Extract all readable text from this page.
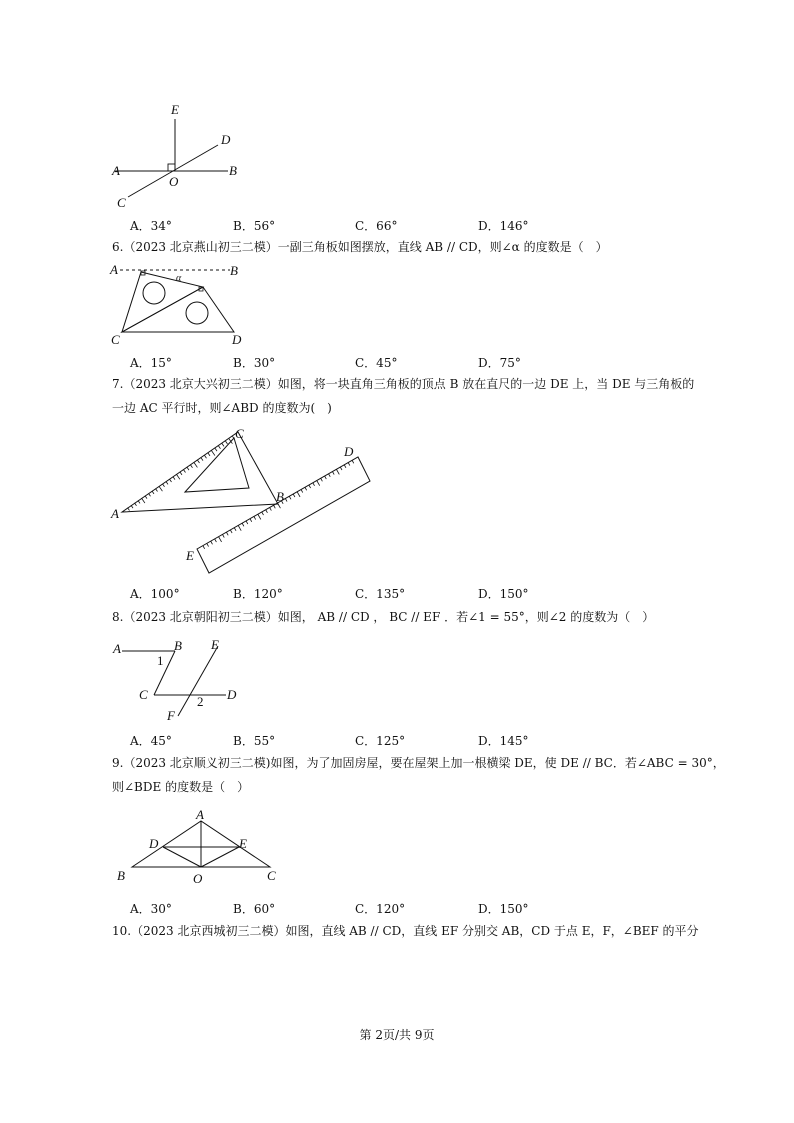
E
D
A
O
B
C
A．34°	B．56°	C．66°	D．146°
6.（2023 北京燕山初三二模）一副三角板如图摆放，直线 AB // CD，则∠α 的度数是（　）
A	B
α
C	D
A．15°	B．30°	C．45°	D．75°
7.（2023 北京大兴初三二模）如图，将一块直角三角板的顶点 B 放在直尺的一边 DE 上，当 DE 与三角板的
一边 AC 平行时，则∠ABD 的度数为(　)
A
C
B
D
E
A．100°	B．120°	C．135°	D．150°
8.（2023 北京朝阳初三二模）如图， AB // CD ， BC // EF ．若∠1 = 55°，则∠2 的度数为（　）
A	B E
1
C	2 D
F
A．45°	B．55°	C．125°	D．145°
9.（2023 北京顺义初三二模)如图，为了加固房屋，要在屋架上加一根横梁 DE，使 DE // BC．若∠ABC = 30°，
则∠BDE 的度数是（　）
A
D	E
B	O	C
A．30°	B．60°	C．120°	D．150°
10.（2023 北京西城初三二模）如图，直线 AB // CD，直线 EF 分别交 AB，CD 于点 E，F，∠BEF 的平分
第 2页/共 9页
